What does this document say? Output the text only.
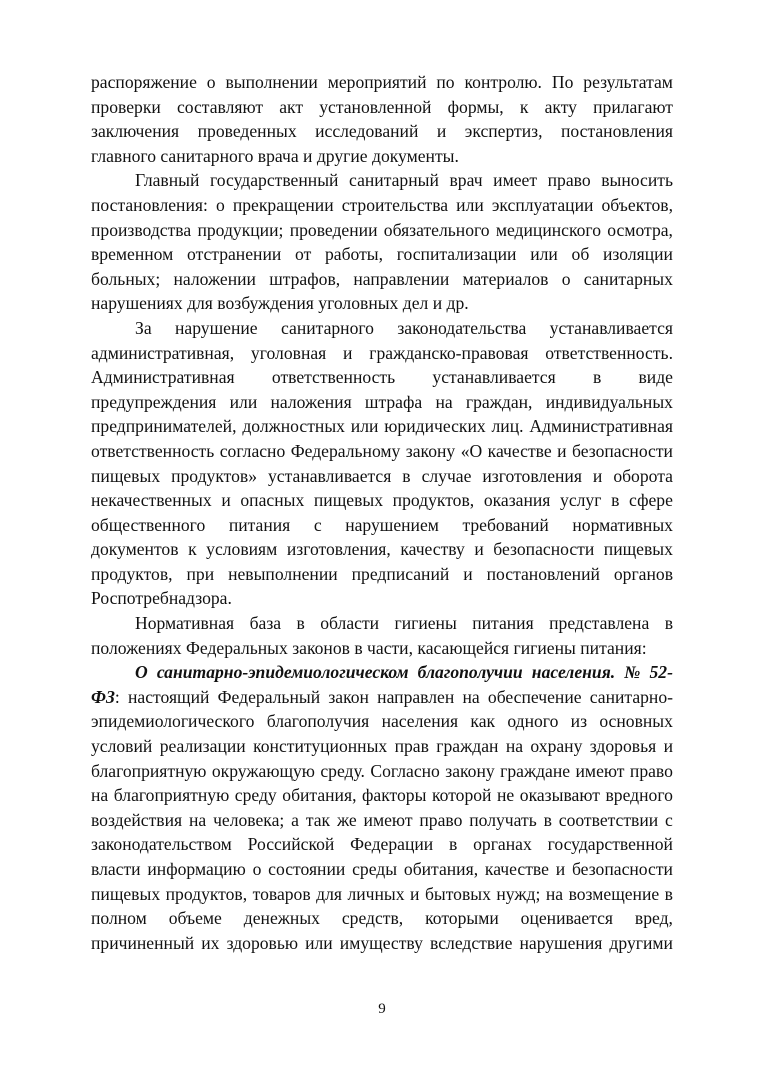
распоряжение о выполнении мероприятий по контролю. По результатам
проверки составляют акт установленной формы, к акту прилагают
заключения проведенных исследований и экспертиз, постановления
главного санитарного врача и другие документы.
Главный государственный санитарный врач имеет право выносить
постановления: о прекращении строительства или эксплуатации объектов,
производства продукции; проведении обязательного медицинского осмотра,
временном отстранении от работы, госпитализации или об изоляции
больных; наложении штрафов, направлении материалов о санитарных
нарушениях для возбуждения уголовных дел и др.
За нарушение санитарного законодательства устанавливается
административная, уголовная и гражданско-правовая ответственность.
Административная ответственность устанавливается в виде
предупреждения или наложения штрафа на граждан, индивидуальных
предпринимателей, должностных или юридических лиц. Административная
ответственность согласно Федеральному закону «О качестве и безопасности
пищевых продуктов» устанавливается в случае изготовления и оборота
некачественных и опасных пищевых продуктов, оказания услуг в сфере
общественного питания с нарушением требований нормативных
документов к условиям изготовления, качеству и безопасности пищевых
продуктов, при невыполнении предписаний и постановлений органов
Роспотребнадзора.
Нормативная база в области гигиены питания представлена в
положениях Федеральных законов в части, касающейся гигиены питания:
О санитарно-эпидемиологическом благополучии населения. № 52-
ФЗ: настоящий Федеральный закон направлен на обеспечение санитарно-
эпидемиологического благополучия населения как одного из основных
условий реализации конституционных прав граждан на охрану здоровья и
благоприятную окружающую среду. Согласно закону граждане имеют право
на благоприятную среду обитания, факторы которой не оказывают вредного
воздействия на человека; а так же имеют право получать в соответствии с
законодательством Российской Федерации в органах государственной
власти информацию о состоянии среды обитания, качестве и безопасности
пищевых продуктов, товаров для личных и бытовых нужд; на возмещение в
полном объеме денежных средств, которыми оценивается вред,
причиненный их здоровью или имуществу вследствие нарушения другими
9
